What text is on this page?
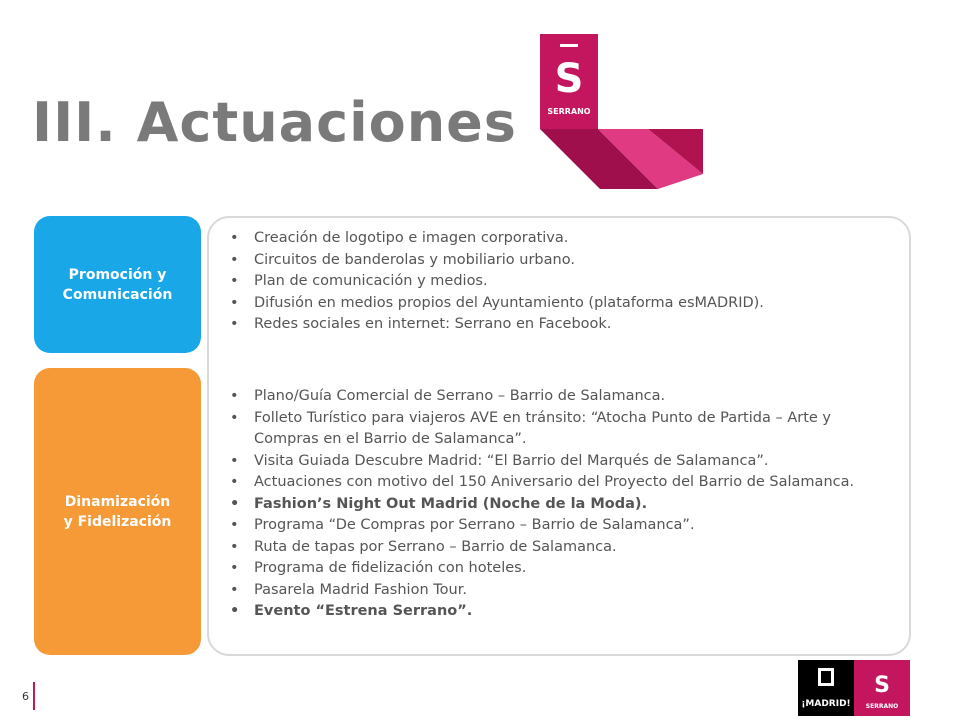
III. Actuaciones
S
SERRANO
Promoción y
Comunicación
Dinamización
y Fidelización
• Creación de logotipo e imagen corporativa.
• Circuitos de banderolas y mobiliario urbano.
• Plan de comunicación y medios.
• Difusión en medios propios del Ayuntamiento (plataforma esMADRID).
• Redes sociales en internet: Serrano en Facebook.
• Plano/Guía Comercial de Serrano – Barrio de Salamanca.
• Folleto Turístico para viajeros AVE en tránsito: “Atocha Punto de Partida – Arte y Compras en el Barrio de Salamanca”.
• Visita Guiada Descubre Madrid: “El Barrio del Marqués de Salamanca”.
• Actuaciones con motivo del 150 Aniversario del Proyecto del Barrio de Salamanca.
• Fashion’s Night Out Madrid (Noche de la Moda).
• Programa “De Compras por Serrano – Barrio de Salamanca”.
• Ruta de tapas por Serrano – Barrio de Salamanca.
• Programa de fidelización con hoteles.
• Pasarela Madrid Fashion Tour.
• Evento “Estrena Serrano”.
6
¡MADRID!
S
SERRANO
